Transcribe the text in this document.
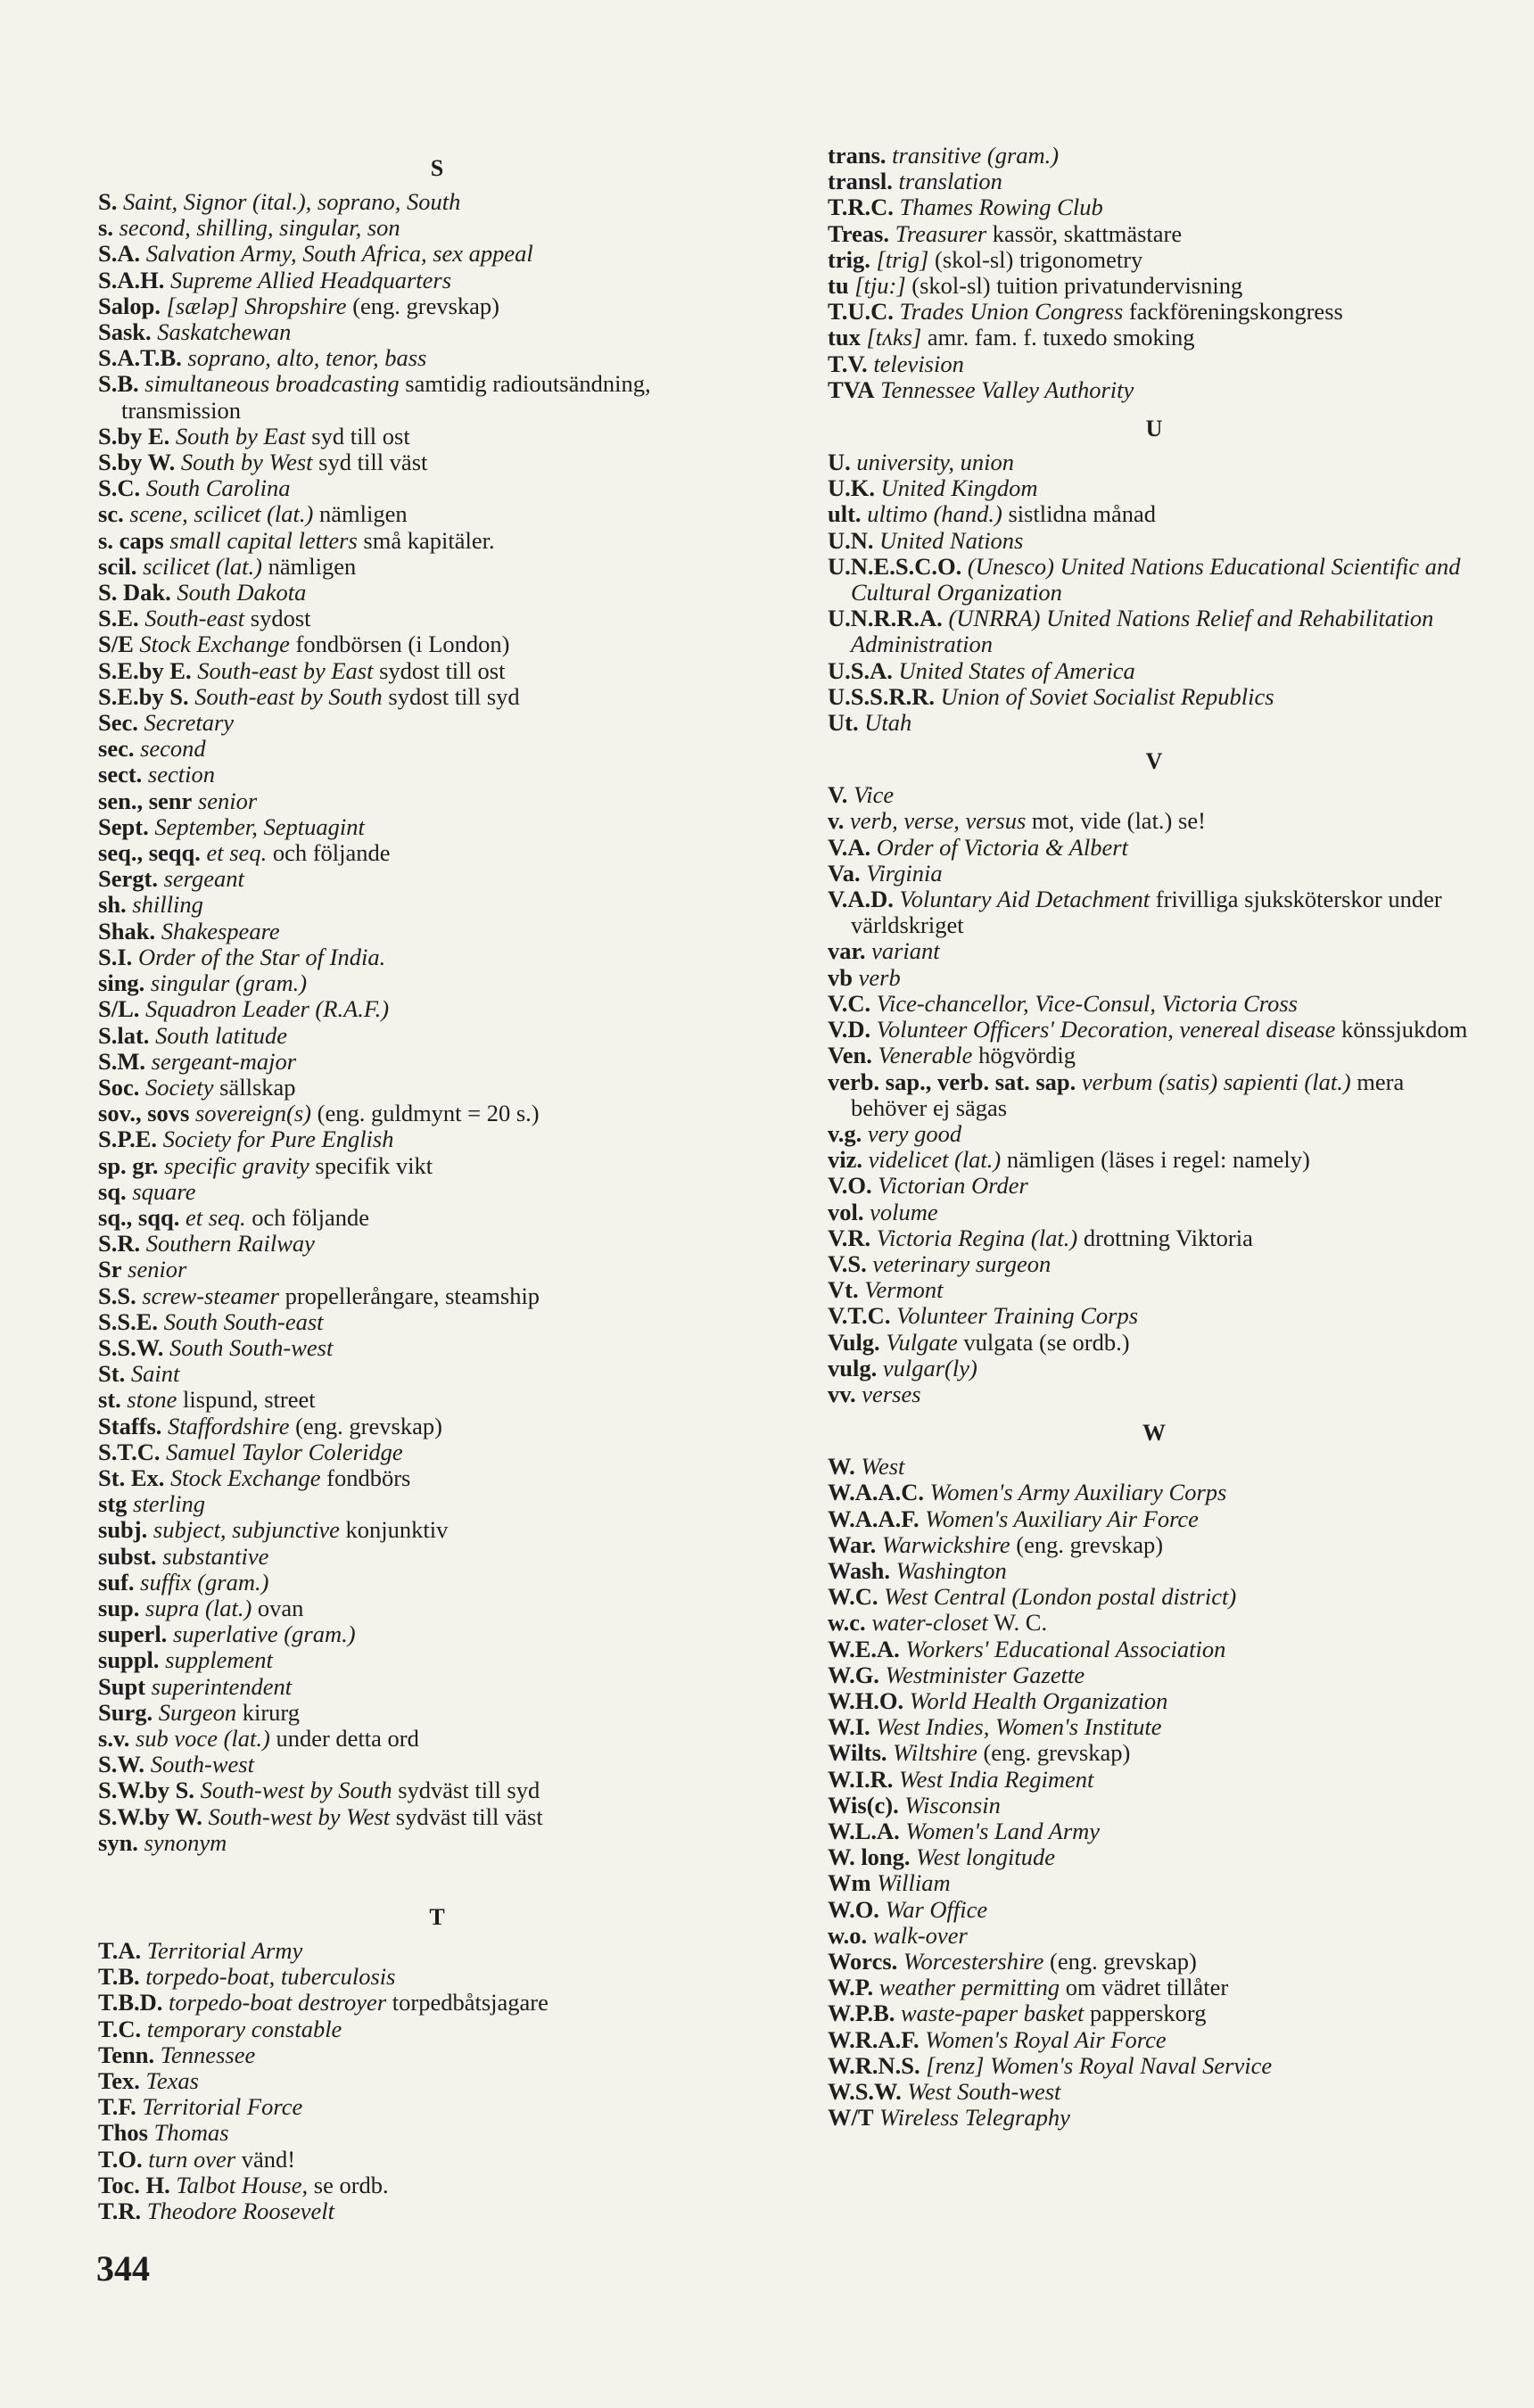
S
S. Saint, Signor (ital.), soprano, South
s. second, shilling, singular, son
S.A. Salvation Army, South Africa, sex appeal
S.A.H. Supreme Allied Headquarters
Salop. [sæləp] Shropshire (eng. grevskap)
Sask. Saskatchewan
S.A.T.B. soprano, alto, tenor, bass
S.B. simultaneous broadcasting samtidig radioutsändning, transmission
S.by E. South by East syd till ost
S.by W. South by West syd till väst
S.C. South Carolina
sc. scene, scilicet (lat.) nämligen
s. caps small capital letters små kapitäler.
scil. scilicet (lat.) nämligen
S. Dak. South Dakota
S.E. South-east sydost
S/E Stock Exchange fondbörsen (i London)
S.E.by E. South-east by East sydost till ost
S.E.by S. South-east by South sydost till syd
Sec. Secretary
sec. second
sect. section
sen., senr senior
Sept. September, Septuagint
seq., seqq. et seq. och följande
Sergt. sergeant
sh. shilling
Shak. Shakespeare
S.I. Order of the Star of India.
sing. singular (gram.)
S/L. Squadron Leader (R.A.F.)
S.lat. South latitude
S.M. sergeant-major
Soc. Society sällskap
sov., sovs sovereign(s) (eng. guldmynt = 20 s.)
S.P.E. Society for Pure English
sp. gr. specific gravity specifik vikt
sq. square
sq., sqq. et seq. och följande
S.R. Southern Railway
Sr senior
S.S. screw-steamer propellerångare, steamship
S.S.E. South South-east
S.S.W. South South-west
St. Saint
st. stone lispund, street
Staffs. Staffordshire (eng. grevskap)
S.T.C. Samuel Taylor Coleridge
St. Ex. Stock Exchange fondbörs
stg sterling
subj. subject, subjunctive konjunktiv
subst. substantive
suf. suffix (gram.)
sup. supra (lat.) ovan
superl. superlative (gram.)
suppl. supplement
Supt superintendent
Surg. Surgeon kirurg
s.v. sub voce (lat.) under detta ord
S.W. South-west
S.W.by S. South-west by South sydväst till syd
S.W.by W. South-west by West sydväst till väst
syn. synonym
T
T.A. Territorial Army
T.B. torpedo-boat, tuberculosis
T.B.D. torpedo-boat destroyer torpedbåtsjagare
T.C. temporary constable
Tenn. Tennessee
Tex. Texas
T.F. Territorial Force
Thos Thomas
T.O. turn over vänd!
Toc. H. Talbot House, se ordb.
T.R. Theodore Roosevelt
trans. transitive (gram.)
transl. translation
T.R.C. Thames Rowing Club
Treas. Treasurer kassör, skattmästare
trig. [trig] (skol-sl) trigonometry
tu [tju:] (skol-sl) tuition privatundervisning
T.U.C. Trades Union Congress fackföreningskongress
tux [tʌks] amr. fam. f. tuxedo smoking
T.V. television
TVA Tennessee Valley Authority
U
U. university, union
U.K. United Kingdom
ult. ultimo (hand.) sistlidna månad
U.N. United Nations
U.N.E.S.C.O. (Unesco) United Nations Educational Scientific and Cultural Organization
U.N.R.R.A. (UNRRA) United Nations Relief and Rehabilitation Administration
U.S.A. United States of America
U.S.S.R.R. Union of Soviet Socialist Republics
Ut. Utah
V
V. Vice
v. verb, verse, versus mot, vide (lat.) se!
V.A. Order of Victoria & Albert
Va. Virginia
V.A.D. Voluntary Aid Detachment frivilliga sjuksköterskor under världskriget
var. variant
vb verb
V.C. Vice-chancellor, Vice-Consul, Victoria Cross
V.D. Volunteer Officers' Decoration, venereal disease könssjukdom
Ven. Venerable högvördig
verb. sap., verb. sat. sap. verbum (satis) sapienti (lat.) mera behöver ej sägas
v.g. very good
viz. videlicet (lat.) nämligen (läses i regel: namely)
V.O. Victorian Order
vol. volume
V.R. Victoria Regina (lat.) drottning Viktoria
V.S. veterinary surgeon
Vt. Vermont
V.T.C. Volunteer Training Corps
Vulg. Vulgate vulgata (se ordb.)
vulg. vulgar(ly)
vv. verses
W
W. West
W.A.A.C. Women's Army Auxiliary Corps
W.A.A.F. Women's Auxiliary Air Force
War. Warwickshire (eng. grevskap)
Wash. Washington
W.C. West Central (London postal district)
w.c. water-closet W. C.
W.E.A. Workers' Educational Association
W.G. Westminister Gazette
W.H.O. World Health Organization
W.I. West Indies, Women's Institute
Wilts. Wiltshire (eng. grevskap)
W.I.R. West India Regiment
Wis(c). Wisconsin
W.L.A. Women's Land Army
W. long. West longitude
Wm William
W.O. War Office
w.o. walk-over
Worcs. Worcestershire (eng. grevskap)
W.P. weather permitting om vädret tillåter
W.P.B. waste-paper basket papperskorg
W.R.A.F. Women's Royal Air Force
W.R.N.S. [renz] Women's Royal Naval Service
W.S.W. West South-west
W/T Wireless Telegraphy
344
